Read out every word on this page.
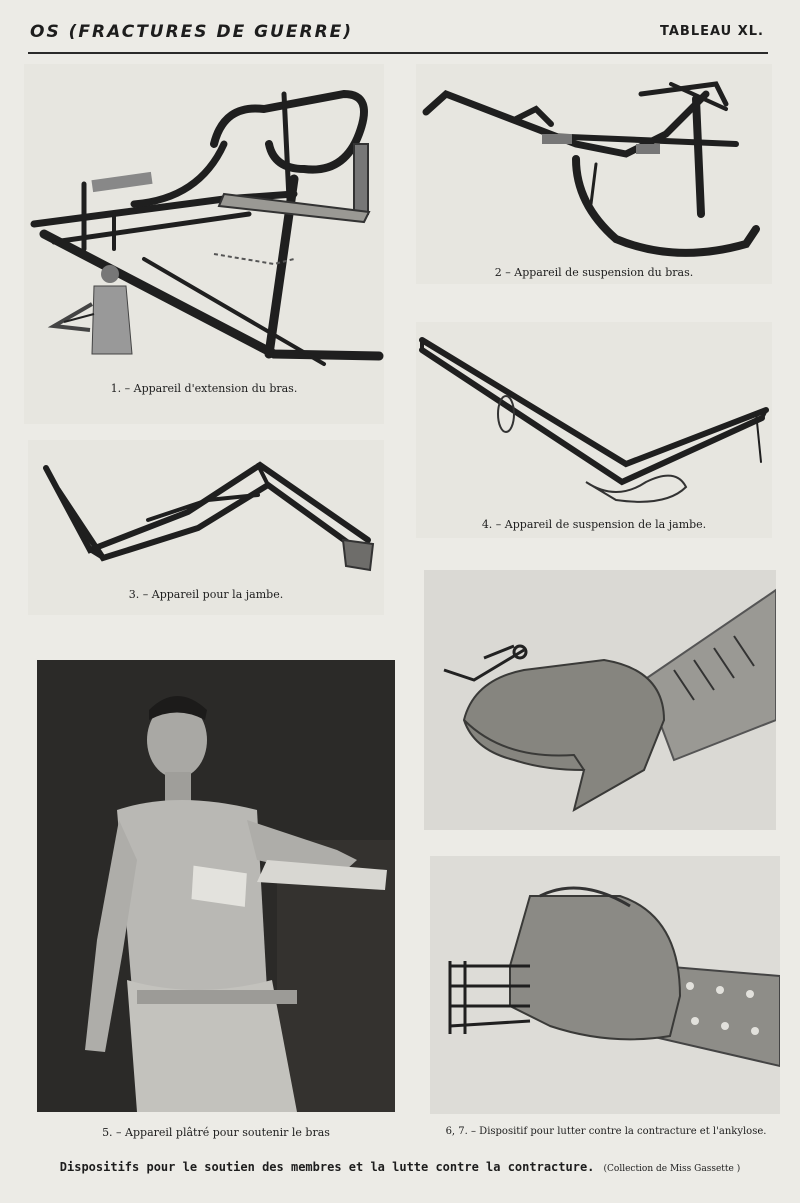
OS (FRACTURES DE GUERRE)	TABLEAU XL.
1. – Appareil d'extension du bras.
2 – Appareil de suspension du bras.
3. – Appareil pour la jambe.
4. – Appareil de suspension de la jambe.
5. – Appareil plâtré pour soutenir le bras	6, 7. – Dispositif pour lutter contre la contracture et l'ankylose.
Dispositifs pour le soutien des membres et la lutte contre la contracture. (Collection de Miss Gassette )
